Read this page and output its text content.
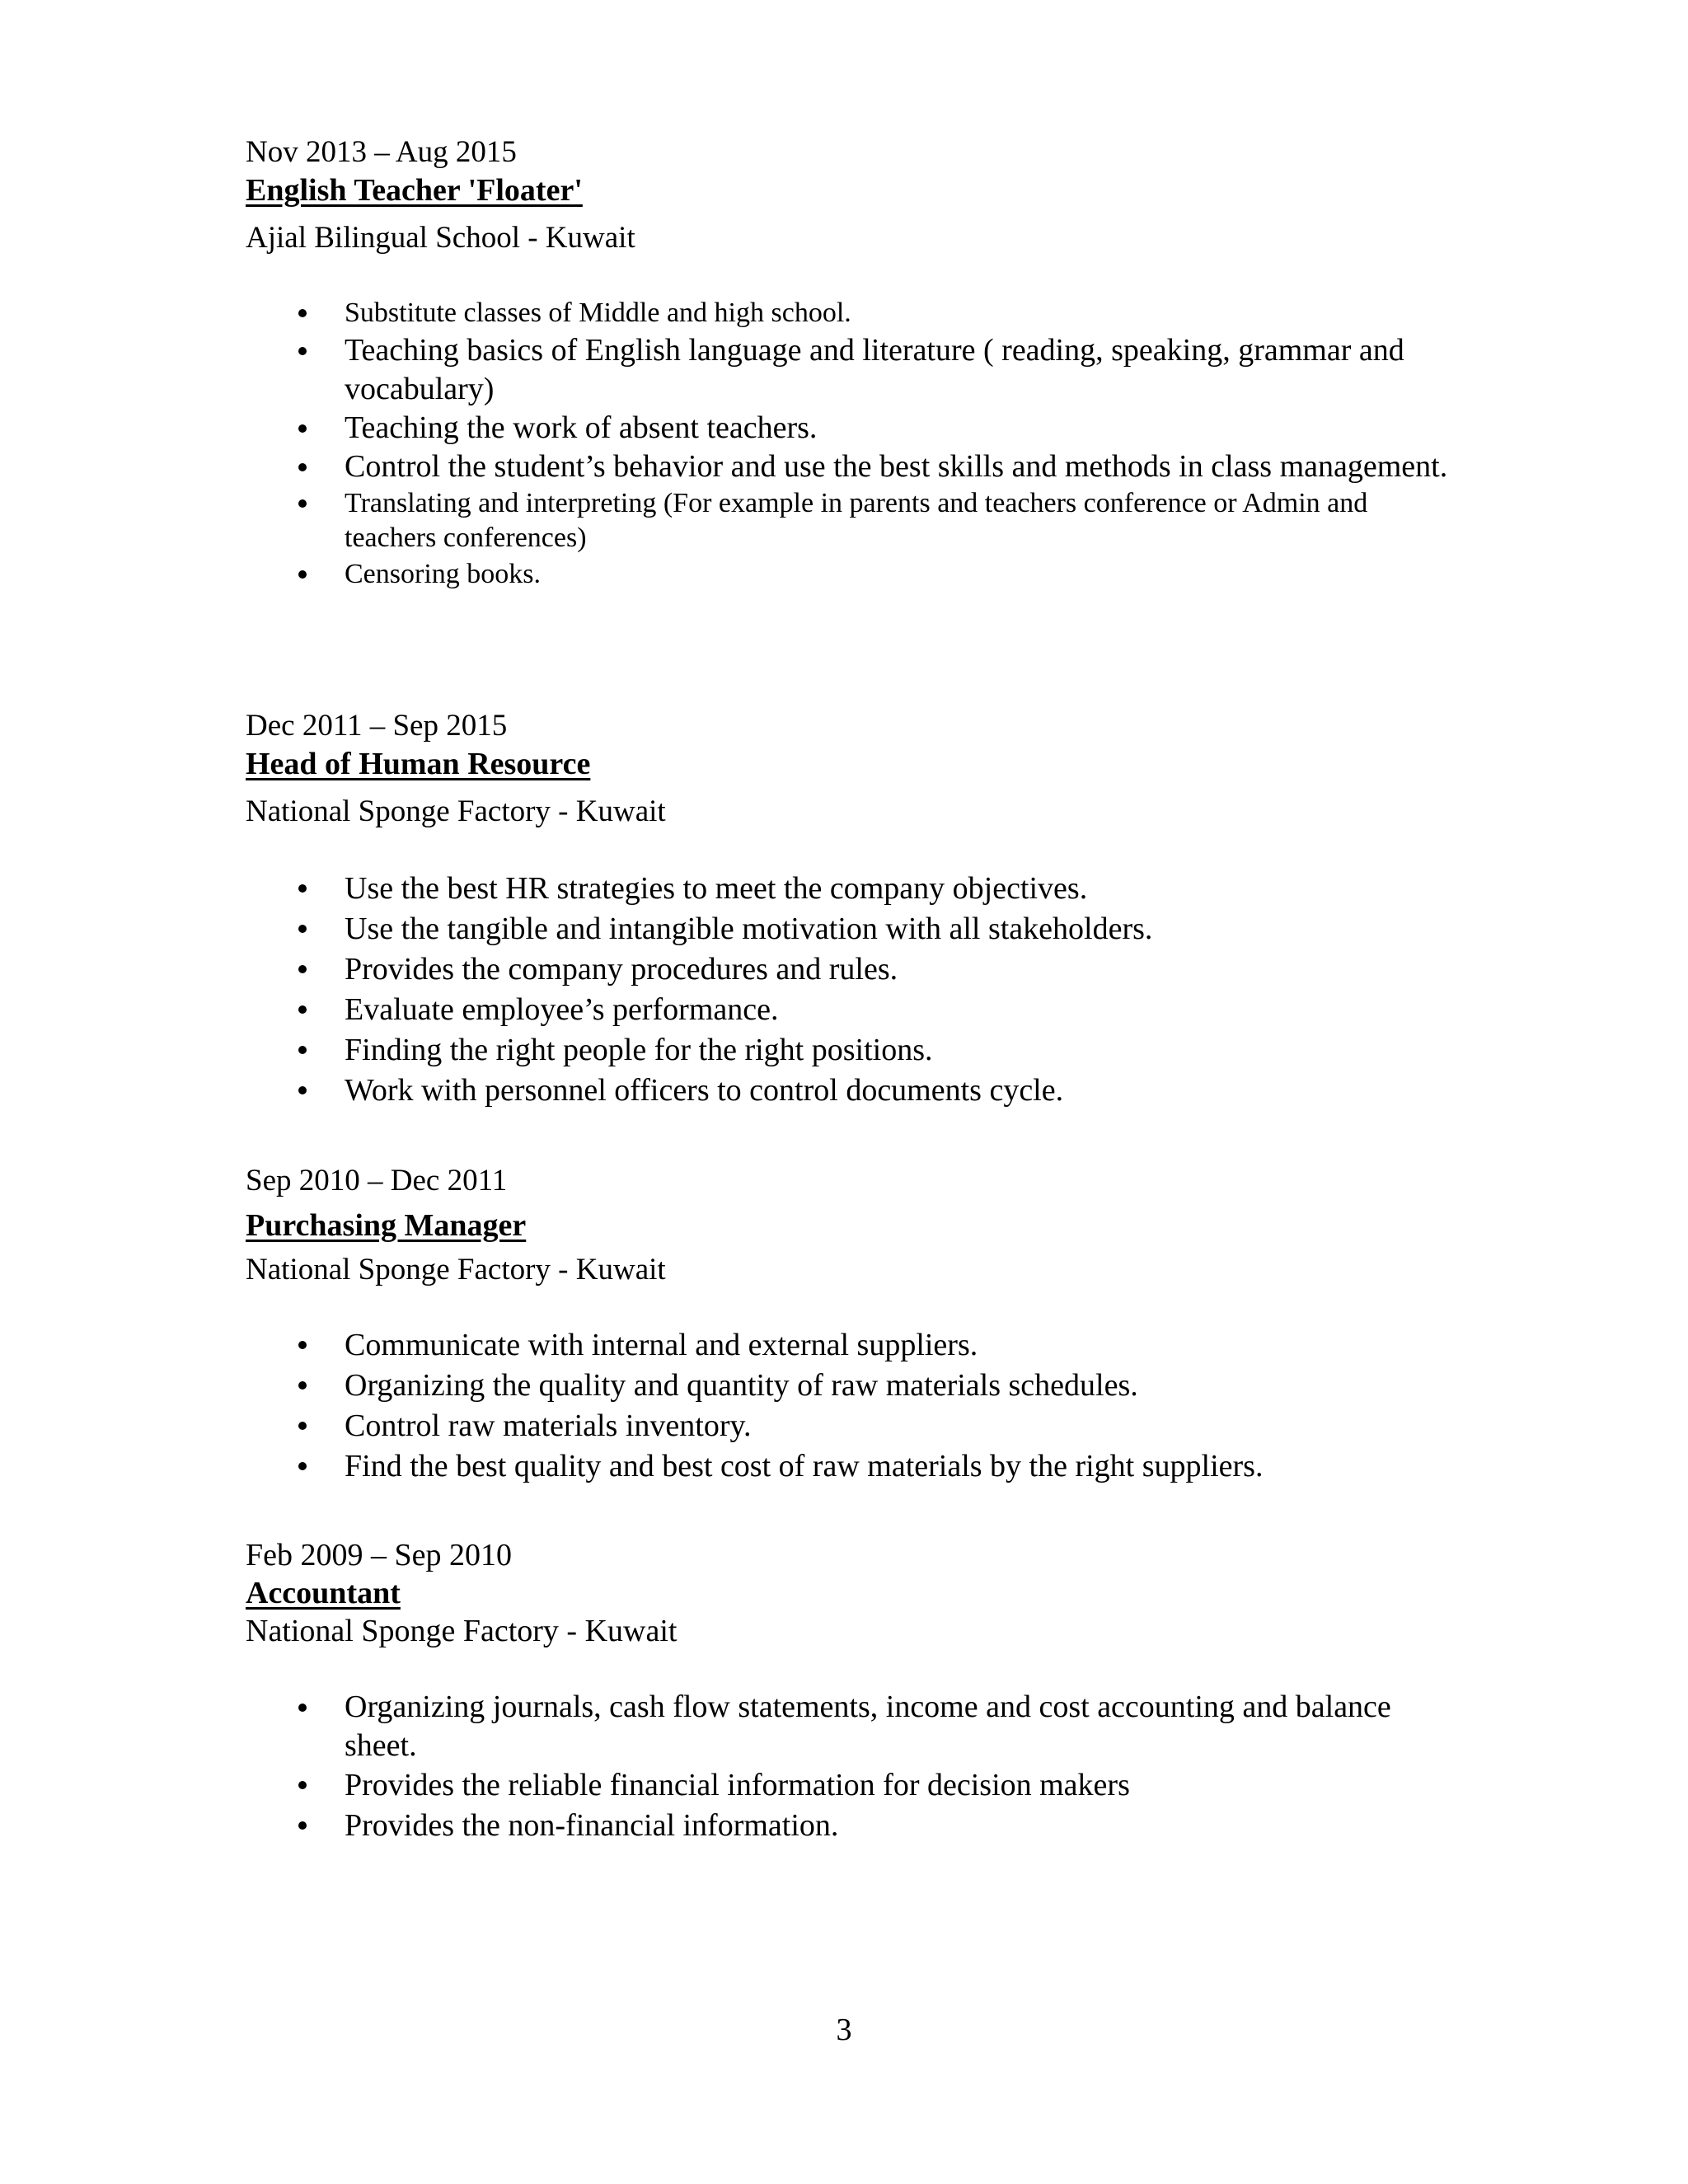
Nov 2013 – Aug 2015
English Teacher 'Floater'
Ajial Bilingual School - Kuwait
Substitute classes of Middle and high school.
Teaching basics of English language and literature ( reading, speaking, grammar and vocabulary)
Teaching the work of absent teachers.
Control the student’s behavior and use the best skills and methods in class management.
Translating and interpreting (For example in parents and teachers conference or Admin and teachers conferences)
Censoring books.
Dec 2011 – Sep 2015
Head of Human Resource
National Sponge Factory - Kuwait
Use the best HR strategies to meet the company objectives.
Use the tangible and intangible motivation with all stakeholders.
Provides the company procedures and rules.
Evaluate employee’s performance.
Finding the right people for the right positions.
Work with personnel officers to control documents cycle.
Sep 2010 – Dec 2011
Purchasing Manager
National Sponge Factory - Kuwait
Communicate with internal and external suppliers.
Organizing the quality and quantity of raw materials schedules.
Control raw materials inventory.
Find the best quality and best cost of raw materials by the right suppliers.
Feb 2009 – Sep 2010
Accountant
National Sponge Factory - Kuwait
Organizing journals, cash flow statements, income and cost accounting and balance sheet.
Provides the reliable financial information for decision makers
Provides the non-financial information.
3
